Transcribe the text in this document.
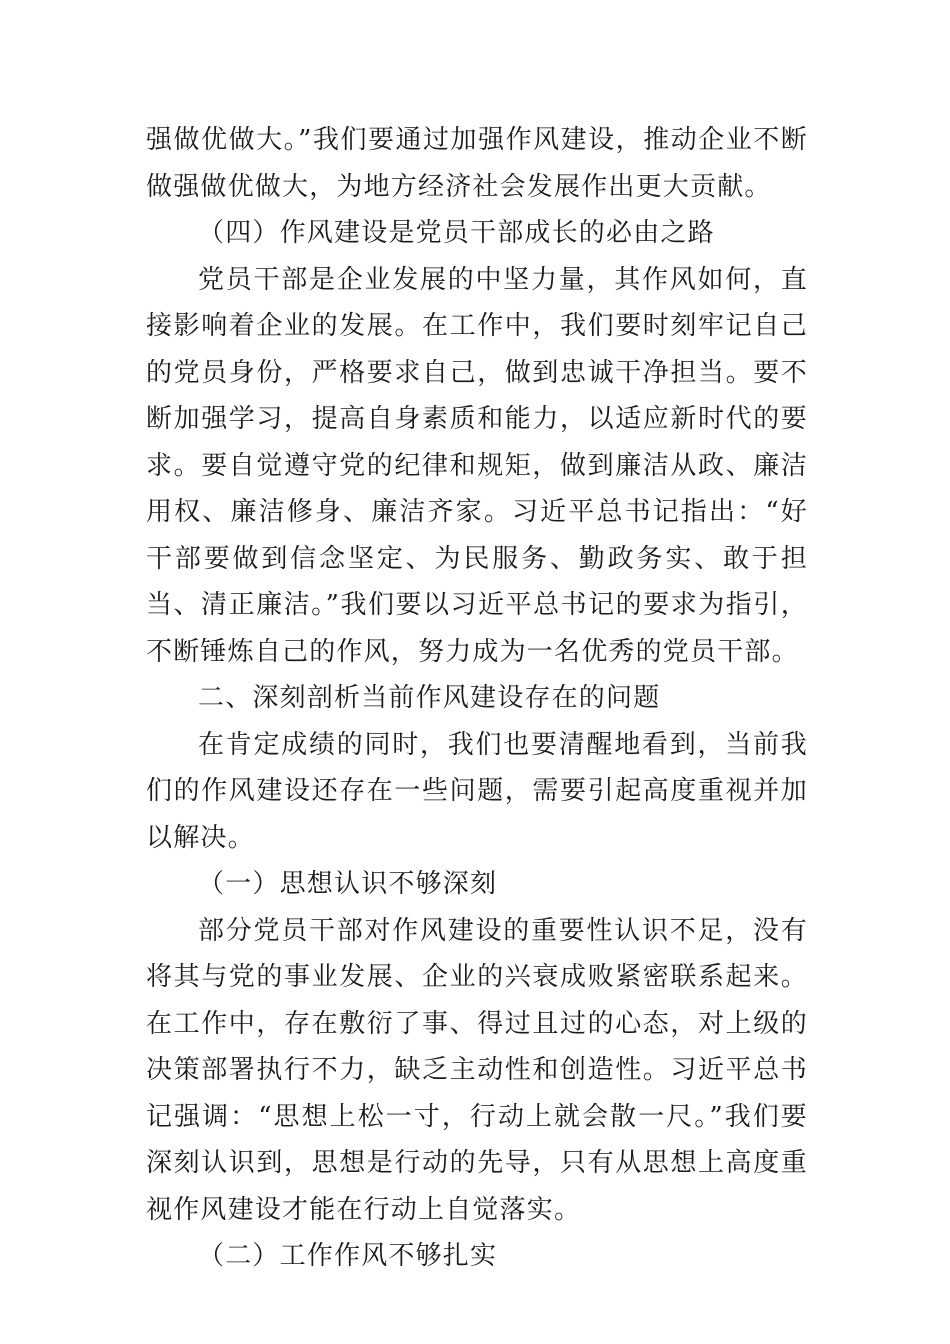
强做优做大。”我们要通过加强作风建设，推动企业不断做强做优做大，为地方经济社会发展作出更大贡献。

（四）作风建设是党员干部成长的必由之路

党员干部是企业发展的中坚力量，其作风如何，直接影响着企业的发展。在工作中，我们要时刻牢记自己的党员身份，严格要求自己，做到忠诚干净担当。要不断加强学习，提高自身素质和能力，以适应新时代的要求。要自觉遵守党的纪律和规矩，做到廉洁从政、廉洁用权、廉洁修身、廉洁齐家。习近平总书记指出：“好干部要做到信念坚定、为民服务、勤政务实、敢于担当、清正廉洁。”我们要以习近平总书记的要求为指引，不断锤炼自己的作风，努力成为一名优秀的党员干部。

二、深刻剖析当前作风建设存在的问题

在肯定成绩的同时，我们也要清醒地看到，当前我们的作风建设还存在一些问题，需要引起高度重视并加以解决。

（一）思想认识不够深刻

部分党员干部对作风建设的重要性认识不足，没有将其与党的事业发展、企业的兴衰成败紧密联系起来。在工作中，存在敷衍了事、得过且过的心态，对上级的决策部署执行不力，缺乏主动性和创造性。习近平总书记强调：“思想上松一寸，行动上就会散一尺。”我们要深刻认识到，思想是行动的先导，只有从思想上高度重视作风建设才能在行动上自觉落实。

（二）工作作风不够扎实
